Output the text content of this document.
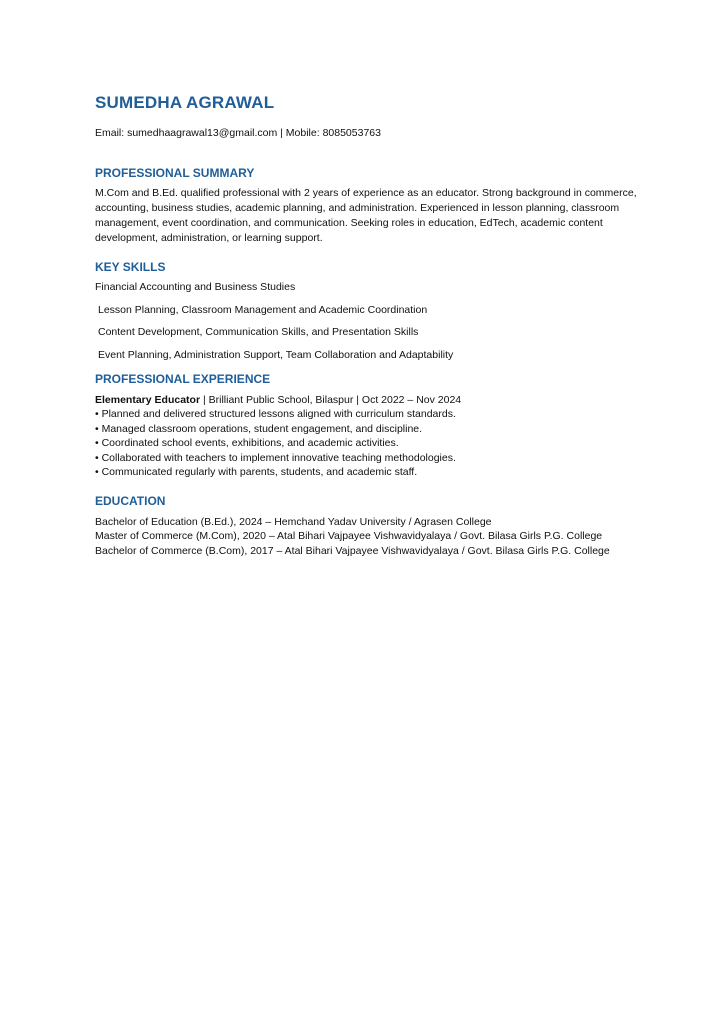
SUMEDHA AGRAWAL
Email: sumedhaagrawal13@gmail.com | Mobile: 8085053763
PROFESSIONAL SUMMARY
M.Com and B.Ed. qualified professional with 2 years of experience as an educator. Strong background in commerce, accounting, business studies, academic planning, and administration. Experienced in lesson planning, classroom management, event coordination, and communication. Seeking roles in education, EdTech, academic content development, administration, or learning support.
KEY SKILLS
Financial Accounting and Business Studies
Lesson Planning, Classroom Management and Academic Coordination
Content Development, Communication Skills, and Presentation Skills
Event Planning, Administration Support, Team Collaboration and Adaptability
PROFESSIONAL EXPERIENCE
Elementary Educator | Brilliant Public School, Bilaspur | Oct 2022 – Nov 2024
• Planned and delivered structured lessons aligned with curriculum standards.
• Managed classroom operations, student engagement, and discipline.
• Coordinated school events, exhibitions, and academic activities.
• Collaborated with teachers to implement innovative teaching methodologies.
• Communicated regularly with parents, students, and academic staff.
EDUCATION
Bachelor of Education (B.Ed.), 2024 – Hemchand Yadav University / Agrasen College
Master of Commerce (M.Com), 2020 – Atal Bihari Vajpayee Vishwavidyalaya / Govt. Bilasa Girls P.G. College
Bachelor of Commerce (B.Com), 2017 – Atal Bihari Vajpayee Vishwavidyalaya / Govt. Bilasa Girls P.G. College
